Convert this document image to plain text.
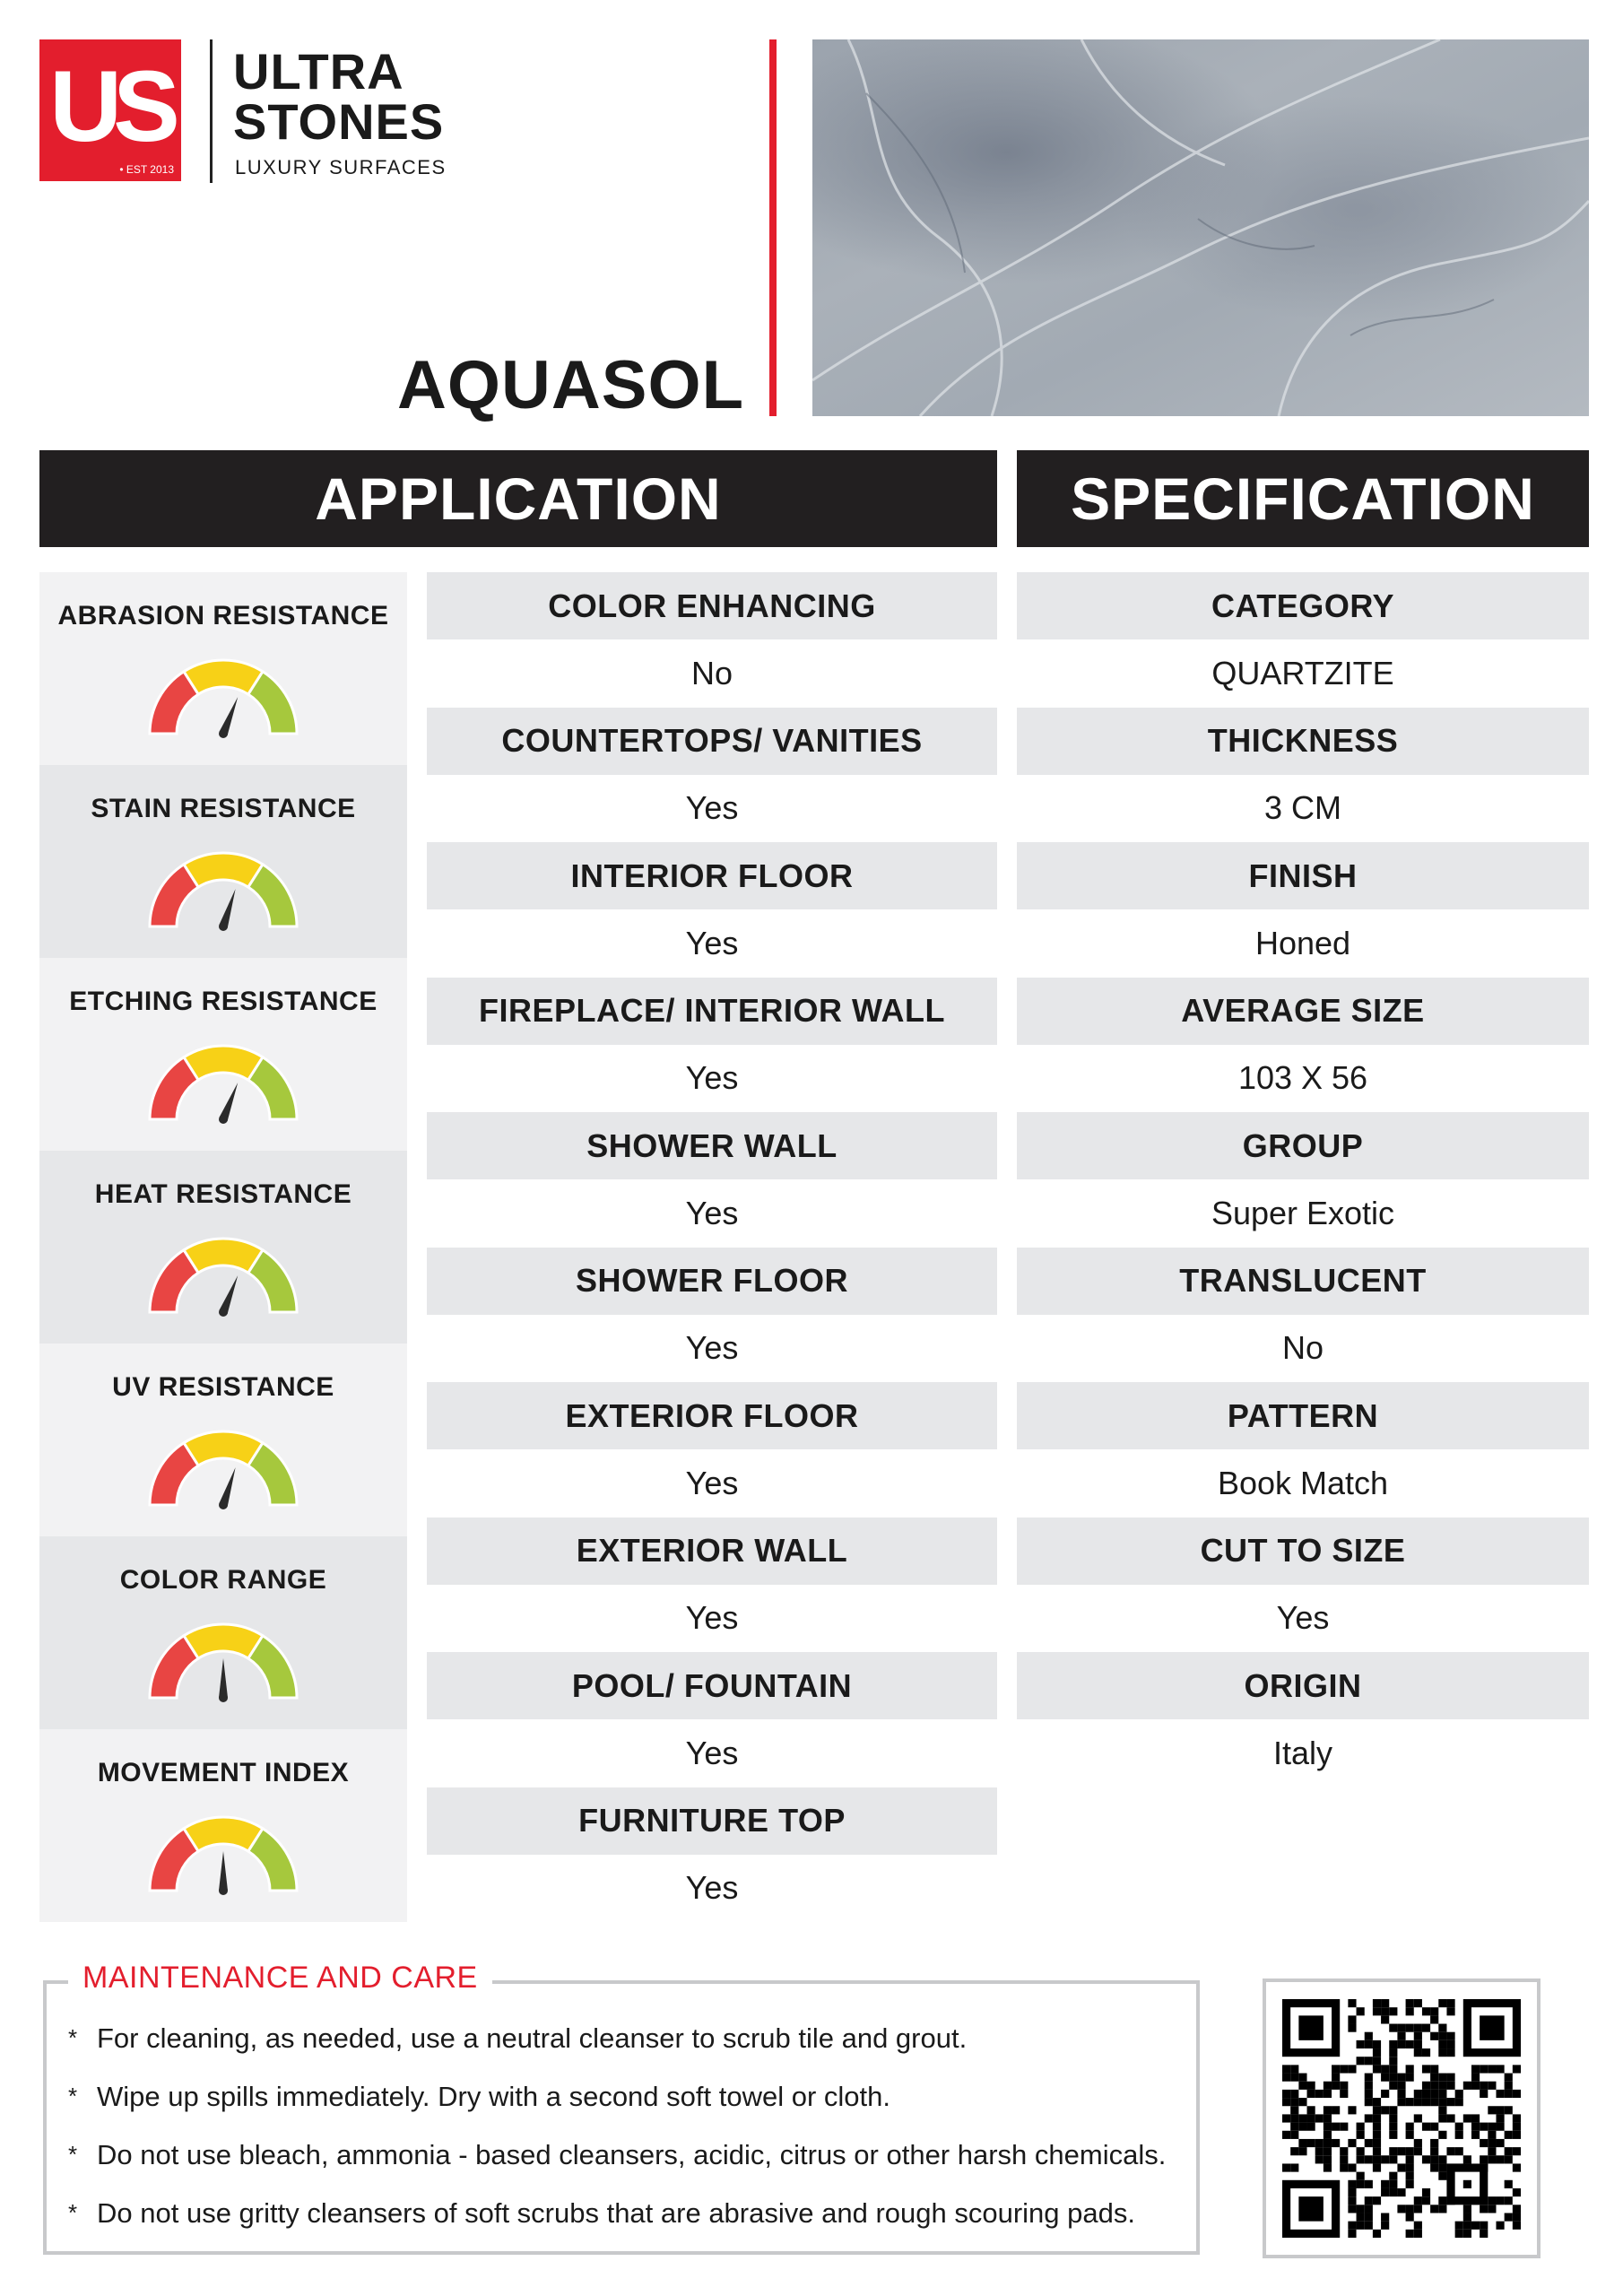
US
• EST 2013
ULTRA
STONES
LUXURY SURFACES
AQUASOL
APPLICATION	SPECIFICATION
ABRASION RESISTANCE
STAIN RESISTANCE
ETCHING RESISTANCE
HEAT RESISTANCE
UV RESISTANCE
COLOR RANGE
MOVEMENT INDEX
COLOR ENHANCING
No
COUNTERTOPS/ VANITIES
Yes
INTERIOR FLOOR
Yes
FIREPLACE/ INTERIOR WALL
Yes
SHOWER WALL
Yes
SHOWER FLOOR
Yes
EXTERIOR FLOOR
Yes
EXTERIOR WALL
Yes
POOL/ FOUNTAIN
Yes
FURNITURE TOP
Yes
CATEGORY
QUARTZITE
THICKNESS
3 CM
FINISH
Honed
AVERAGE SIZE
103 X 56
GROUP
Super Exotic
TRANSLUCENT
No
PATTERN
Book Match
CUT TO SIZE
Yes
ORIGIN
Italy
MAINTENANCE AND CARE
* For cleaning, as needed, use a neutral cleanser to scrub tile and grout.
* Wipe up spills immediately. Dry with a second soft towel or cloth.
* Do not use bleach, ammonia - based cleansers, acidic, citrus or other harsh chemicals.
* Do not use gritty cleansers of soft scrubs that are abrasive and rough scouring pads.
